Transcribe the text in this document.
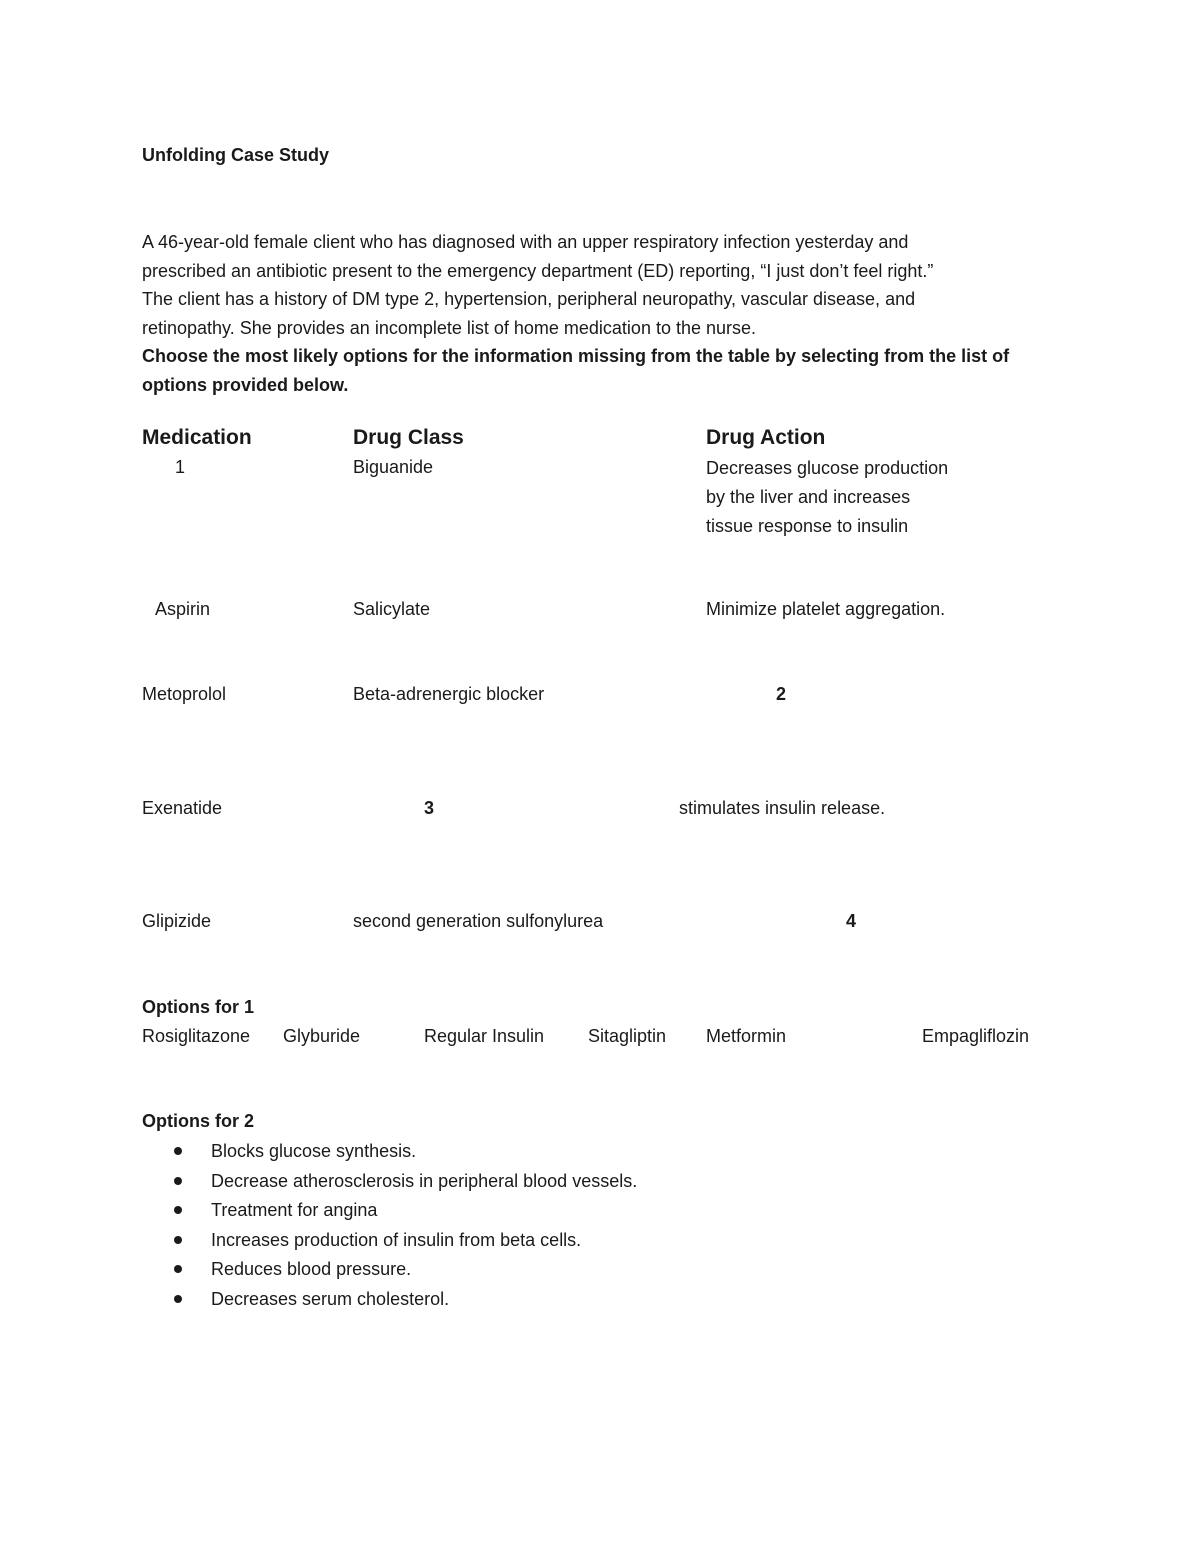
Unfolding Case Study

A 46-year-old female client who has diagnosed with an upper respiratory infection yesterday and

prescribed an antibiotic present to the emergency department (ED) reporting, “I just don’t feel right.”

The client has a history of DM type 2, hypertension, peripheral neuropathy, vascular disease, and

retinopathy. She provides an incomplete list of home medication to the nurse.

Choose the most likely options for the information missing from the table by selecting from the list of

options provided below.

Medication	Drug Class	Drug Action
1	Biguanide	Decreases glucose production
by the liver and increases
tissue response to insulin
Aspirin	Salicylate	Minimize platelet aggregation.
Metoprolol	Beta-adrenergic blocker	2
Exenatide	3	stimulates insulin release.
Glipizide	second generation sulfonylurea	4
Options for 1
Rosiglitazone Glyburide	Regular Insulin Sitagliptin Metformin	Empagliflozin
Options for 2
Blocks glucose synthesis.
Decrease atherosclerosis in peripheral blood vessels.
Treatment for angina
Increases production of insulin from beta cells.
Reduces blood pressure.
Decreases serum cholesterol.
